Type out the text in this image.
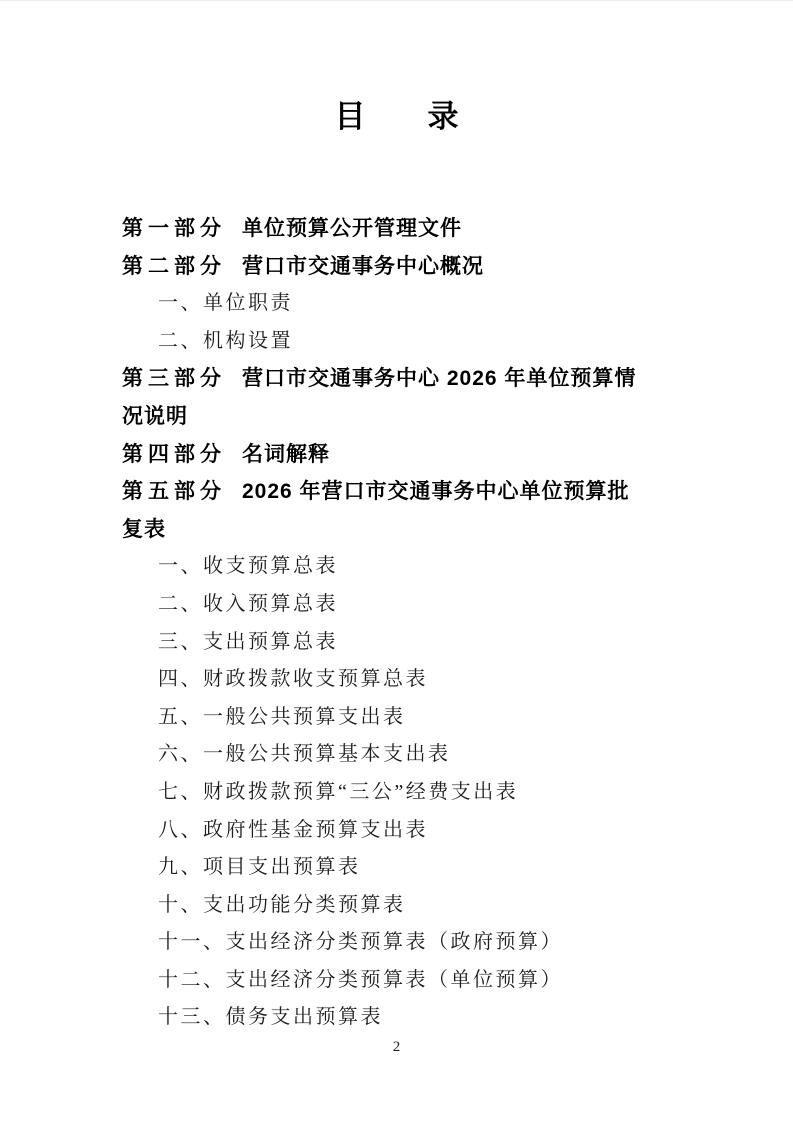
目　　录
第一部分 单位预算公开管理文件
第二部分 营口市交通事务中心概况
一、单位职责
二、机构设置
第三部分 营口市交通事务中心 2026 年单位预算情况说明
第四部分 名词解释
第五部分 2026 年营口市交通事务中心单位预算批复表
一、收支预算总表
二、收入预算总表
三、支出预算总表
四、财政拨款收支预算总表
五、一般公共预算支出表
六、一般公共预算基本支出表
七、财政拨款预算“三公”经费支出表
八、政府性基金预算支出表
九、项目支出预算表
十、支出功能分类预算表
十一、支出经济分类预算表（政府预算）
十二、支出经济分类预算表（单位预算）
十三、债务支出预算表
2
